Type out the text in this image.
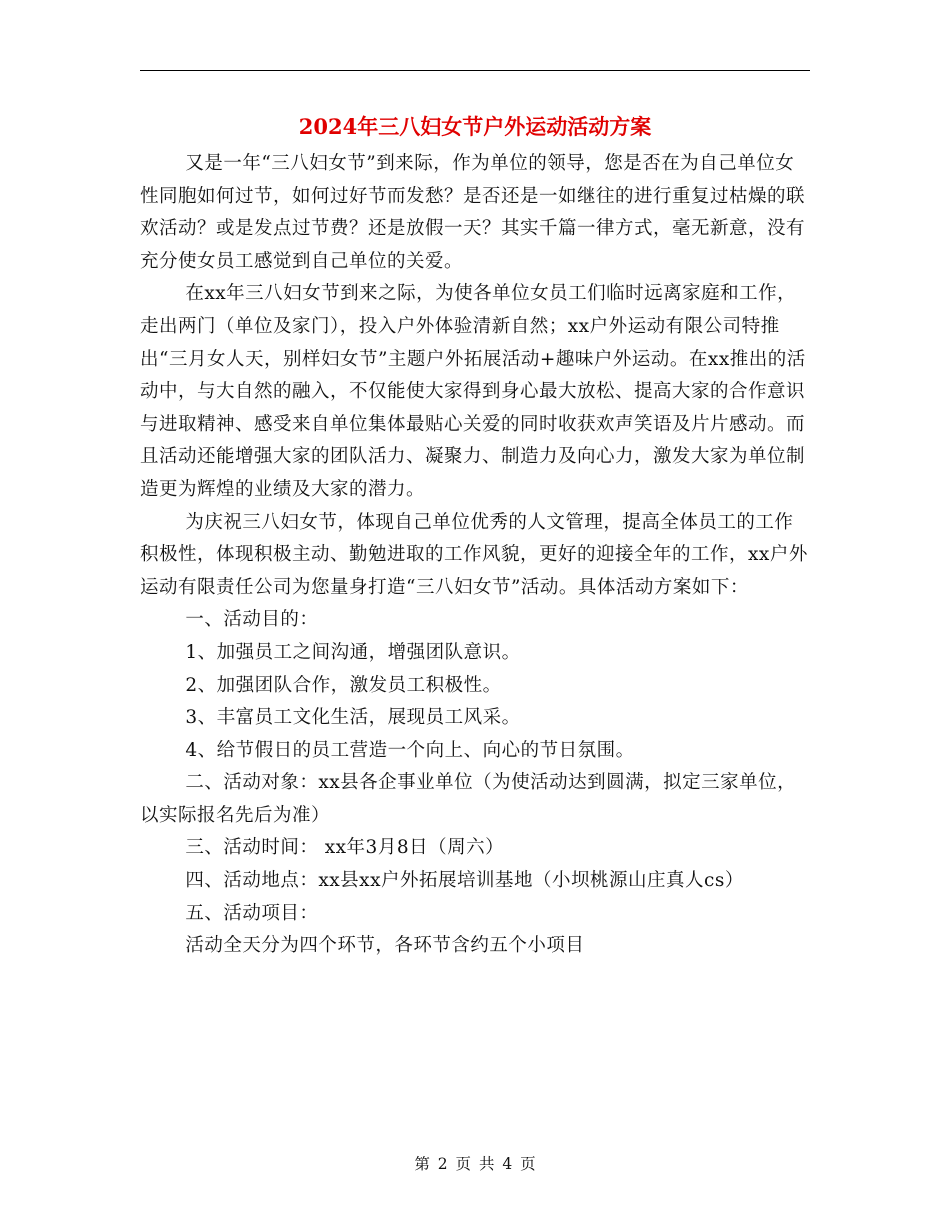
2024年三八妇女节户外运动活动方案

又是一年“三八妇女节”到来际，作为单位的领导，您是否在为自己单位女性同胞如何过节，如何过好节而发愁？是否还是一如继往的进行重复过枯燥的联欢活动？或是发点过节费？还是放假一天？其实千篇一律方式，毫无新意，没有充分使女员工感觉到自己单位的关爱。

在xx年三八妇女节到来之际，为使各单位女员工们临时远离家庭和工作，走出两门（单位及家门），投入户外体验清新自然；xx户外运动有限公司特推出“三月女人天，别样妇女节”主题户外拓展活动+趣味户外运动。在xx推出的活动中，与大自然的融入，不仅能使大家得到身心最大放松、提高大家的合作意识与进取精神、感受来自单位集体最贴心关爱的同时收获欢声笑语及片片感动。而且活动还能增强大家的团队活力、凝聚力、制造力及向心力，激发大家为单位制造更为辉煌的业绩及大家的潜力。

为庆祝三八妇女节，体现自己单位优秀的人文管理，提高全体员工的工作积极性，体现积极主动、勤勉进取的工作风貌，更好的迎接全年的工作，xx户外运动有限责任公司为您量身打造“三八妇女节”活动。具体活动方案如下：

一、活动目的：

1、加强员工之间沟通，增强团队意识。

2、加强团队合作，激发员工积极性。

3、丰富员工文化生活，展现员工风采。

4、给节假日的员工营造一个向上、向心的节日氛围。

二、活动对象：xx县各企事业单位（为使活动达到圆满，拟定三家单位，以实际报名先后为准）

三、活动时间： xx年3月8日（周六）

四、活动地点：xx县xx户外拓展培训基地（小坝桃源山庄真人cs）

五、活动项目：

活动全天分为四个环节，各环节含约五个小项目

第 2 页 共 4 页
